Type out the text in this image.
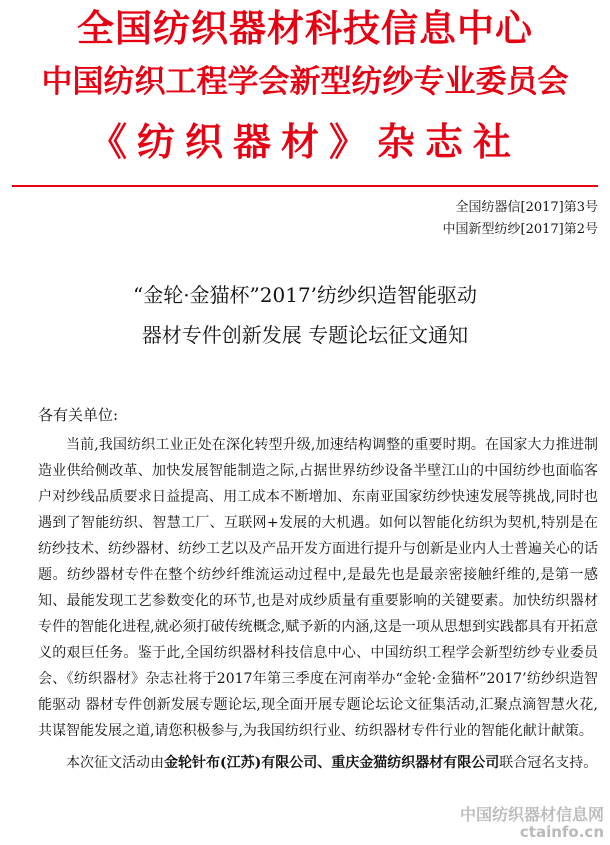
全国纺织器材科技信息中心
中国纺织工程学会新型纺纱专业委员会
《纺织器材》杂志社
全国纺器信[2017]第3号
中国新型纺纱[2017]第2号
“金轮·金猫杯”2017’纺纱织造智能驱动
器材专件创新发展 专题论坛征文通知
各有关单位:

当前,我国纺织工业正处在深化转型升级,加速结构调整的重要时期。在国家大力推进制造业供给侧改革、加快发展智能制造之际,占据世界纺纱设备半壁江山的中国纺纱也面临客户对纱线品质要求日益提高、用工成本不断增加、东南亚国家纺纱快速发展等挑战,同时也遇到了智能纺织、智慧工厂、互联网+发展的大机遇。如何以智能化纺织为契机,特别是在纺纱技术、纺纱器材、纺纱工艺以及产品开发方面进行提升与创新是业内人士普遍关心的话题。纺纱器材专件在整个纺纱纤维流运动过程中,是最先也是最亲密接触纤维的,是第一感知、最能发现工艺参数变化的环节,也是对成纱质量有重要影响的关键要素。加快纺织器材专件的智能化进程,就必须打破传统概念,赋予新的内涵,这是一项从思想到实践都具有开拓意义的艰巨任务。鉴于此,全国纺织器材科技信息中心、中国纺织工程学会新型纺纱专业委员会、《纺织器材》杂志社将于2017年第三季度在河南举办“金轮·金猫杯”2017’纺纱织造智能驱动 器材专件创新发展专题论坛,现全面开展专题论坛论文征集活动,汇聚点滴智慧火花,共谋智能发展之道,请您积极参与,为我国纺织行业、纺织器材专件行业的智能化献计献策。

本次征文活动由金轮针布(江苏)有限公司、重庆金猫纺织器材有限公司联合冠名支持。

中国纺织器材信息网
ctainfo.cn
